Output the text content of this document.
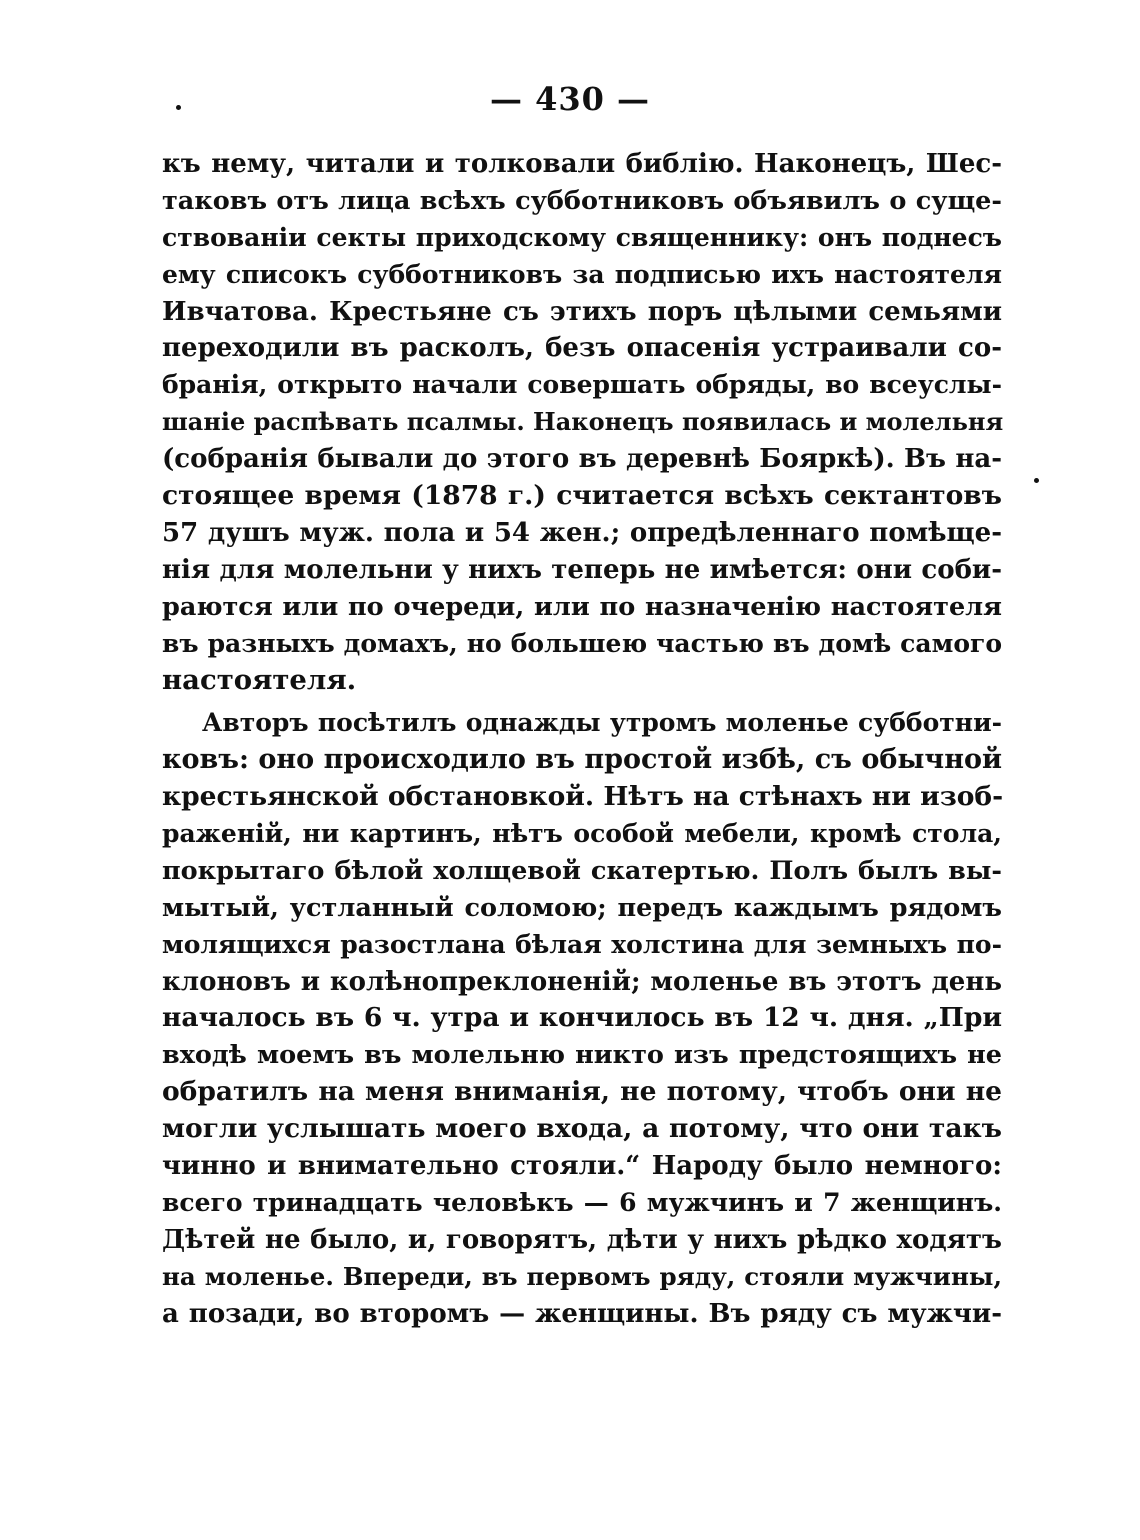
— 430 —
къ нему, читали и толковали библію. Наконецъ, Шес-
таковъ отъ лица всѣхъ субботниковъ объявилъ о суще-
ствованіи секты приходскому священнику: онъ поднесъ
ему списокъ субботниковъ за подписью ихъ настоятеля
Ивчатова. Крестьяне съ этихъ поръ цѣлыми семьями
переходили въ расколъ, безъ опасенія устраивали со-
бранія, открыто начали совершать обряды, во всеуслы-
шаніе распѣвать псалмы. Наконецъ появилась и молельня
(собранія бывали до этого въ деревнѣ Бояркѣ). Въ на-
стоящее время (1878 г.) считается всѣхъ сектантовъ
57 душъ муж. пола и 54 жен.; опредѣленнаго помѣще-
нія для молельни у нихъ теперь не имѣется: они соби-
раются или по очереди, или по назначенію настоятеля
въ разныхъ домахъ, но большею частью въ домѣ самого
настоятеля.
Авторъ посѣтилъ однажды утромъ моленье субботни-
ковъ: оно происходило въ простой избѣ, съ обычной
крестьянской обстановкой. Нѣтъ на стѣнахъ ни изоб-
раженій, ни картинъ, нѣтъ особой мебели, кромѣ стола,
покрытаго бѣлой холщевой скатертью. Полъ былъ вы-
мытый, устланный соломою; передъ каждымъ рядомъ
молящихся разостлана бѣлая холстина для земныхъ по-
клоновъ и колѣнопреклоненій; моленье въ этотъ день
началось въ 6 ч. утра и кончилось въ 12 ч. дня. „При
входѣ моемъ въ молельню никто изъ предстоящихъ не
обратилъ на меня вниманія, не потому, чтобъ они не
могли услышать моего входа, а потому, что они такъ
чинно и внимательно стояли.“ Народу было немного:
всего тринадцать человѣкъ — 6 мужчинъ и 7 женщинъ.
Дѣтей не было, и, говорятъ, дѣти у нихъ рѣдко ходятъ
на моленье. Впереди, въ первомъ ряду, стояли мужчины,
а позади, во второмъ — женщины. Въ ряду съ мужчи-
